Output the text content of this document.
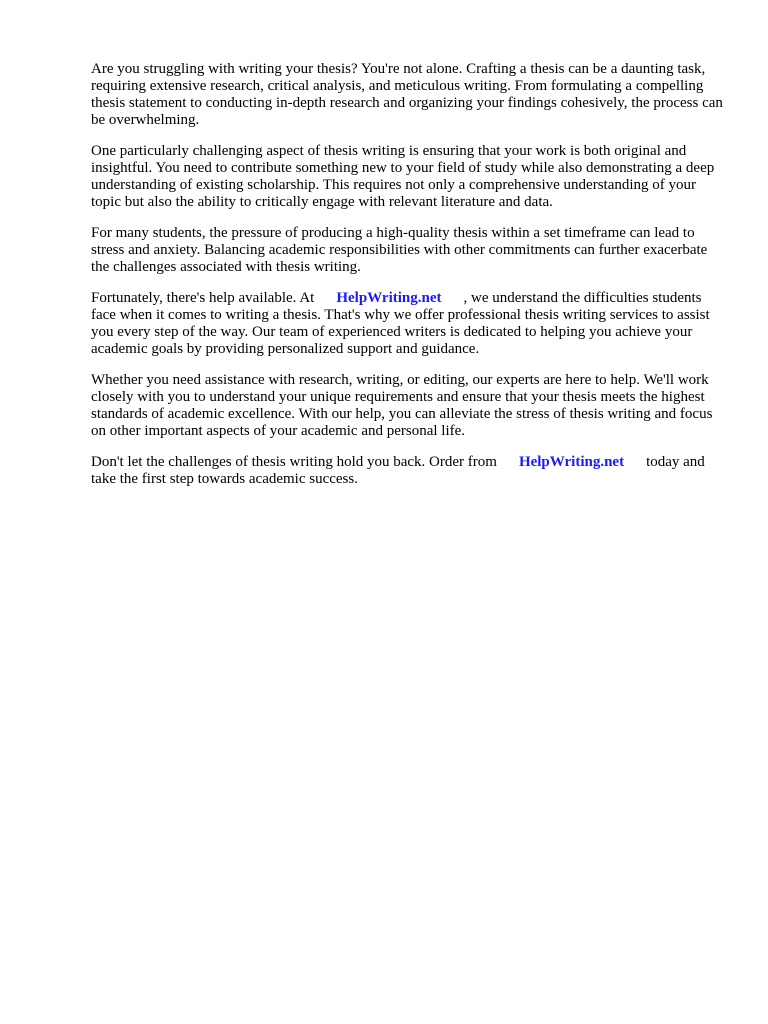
Are you struggling with writing your thesis? You're not alone. Crafting a thesis can be a daunting task, requiring extensive research, critical analysis, and meticulous writing. From formulating a compelling thesis statement to conducting in-depth research and organizing your findings cohesively, the process can be overwhelming.

One particularly challenging aspect of thesis writing is ensuring that your work is both original and insightful. You need to contribute something new to your field of study while also demonstrating a deep understanding of existing scholarship. This requires not only a comprehensive understanding of your topic but also the ability to critically engage with relevant literature and data.

For many students, the pressure of producing a high-quality thesis within a set timeframe can lead to stress and anxiety. Balancing academic responsibilities with other commitments can further exacerbate the challenges associated with thesis writing.

Fortunately, there's help available. At HelpWriting.net , we understand the difficulties students face when it comes to writing a thesis. That's why we offer professional thesis writing services to assist you every step of the way. Our team of experienced writers is dedicated to helping you achieve your academic goals by providing personalized support and guidance.

Whether you need assistance with research, writing, or editing, our experts are here to help. We'll work closely with you to understand your unique requirements and ensure that your thesis meets the highest standards of academic excellence. With our help, you can alleviate the stress of thesis writing and focus on other important aspects of your academic and personal life.

Don't let the challenges of thesis writing hold you back. Order from HelpWriting.net today and take the first step towards academic success.
